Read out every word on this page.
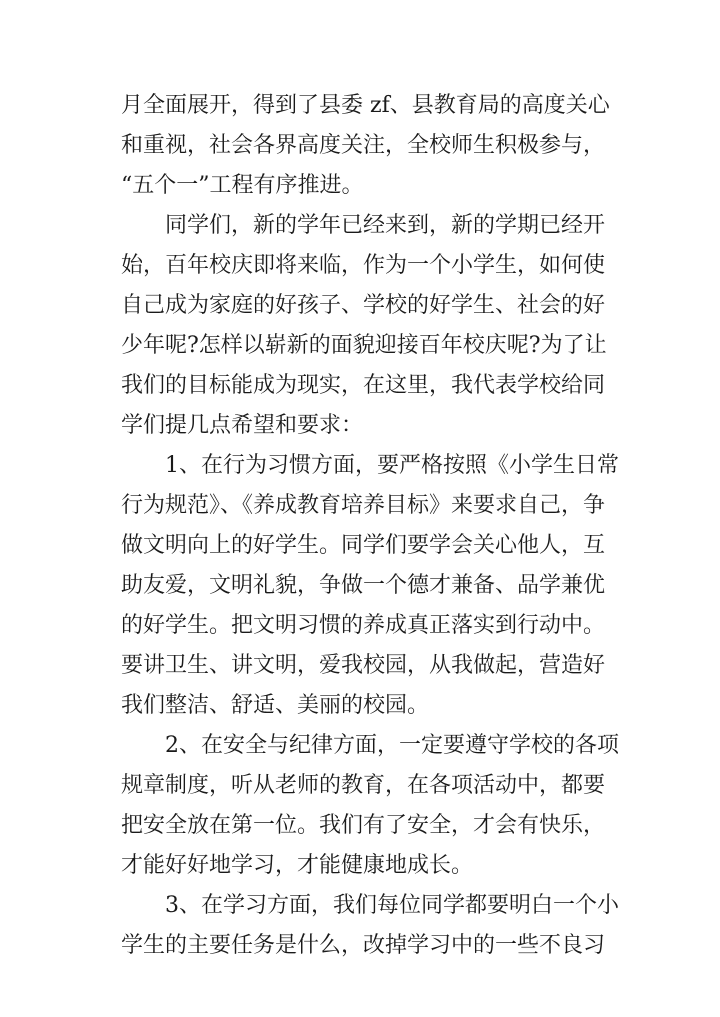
月全面展开，得到了县委 zf、县教育局的高度关心
和重视，社会各界高度关注，全校师生积极参与，
“五个一”工程有序推进。
同学们，新的学年已经来到，新的学期已经开
始，百年校庆即将来临，作为一个小学生，如何使
自己成为家庭的好孩子、学校的好学生、社会的好
少年呢?怎样以崭新的面貌迎接百年校庆呢?为了让
我们的目标能成为现实，在这里，我代表学校给同
学们提几点希望和要求：
1、在行为习惯方面，要严格按照《小学生日常
行为规范》、《养成教育培养目标》来要求自己，争
做文明向上的好学生。同学们要学会关心他人，互
助友爱，文明礼貌，争做一个德才兼备、品学兼优
的好学生。把文明习惯的养成真正落实到行动中。
要讲卫生、讲文明，爱我校园，从我做起，营造好
我们整洁、舒适、美丽的校园。
2、在安全与纪律方面，一定要遵守学校的各项
规章制度，听从老师的教育，在各项活动中，都要
把安全放在第一位。我们有了安全，才会有快乐，
才能好好地学习，才能健康地成长。
3、在学习方面，我们每位同学都要明白一个小
学生的主要任务是什么，改掉学习中的一些不良习
